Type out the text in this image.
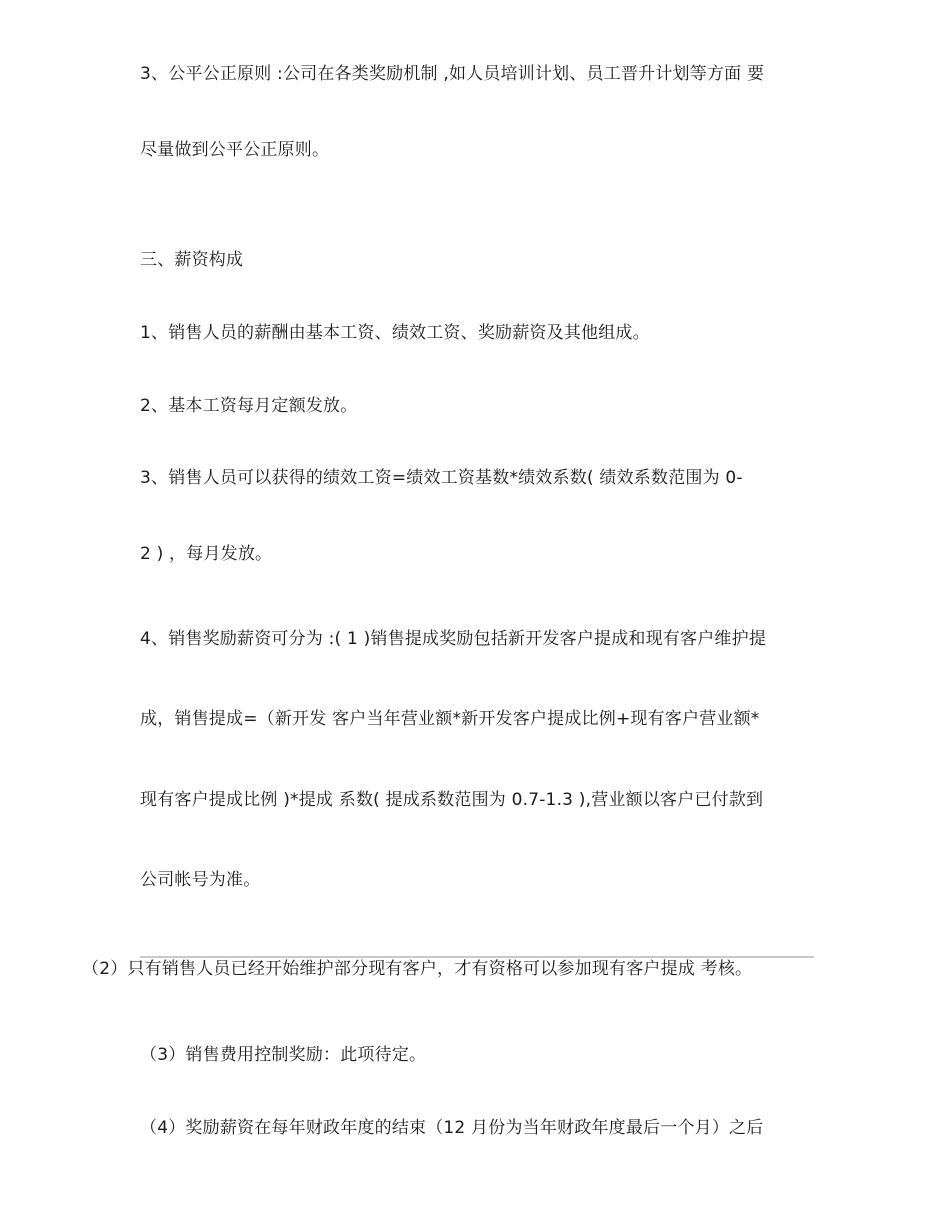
3、公平公正原则 :公司在各类奖励机制 ,如人员培训计划、员工晋升计划等方面 要
尽量做到公平公正原则。
三、薪资构成
1、销售人员的薪酬由基本工资、绩效工资、奖励薪资及其他组成。
2、基本工资每月定额发放。
3、销售人员可以获得的绩效工资=绩效工资基数*绩效系数( 绩效系数范围为 0-
2 ) ，每月发放。
4、销售奖励薪资可分为 :( 1 )销售提成奖励包括新开发客户提成和现有客户维护提
成，销售提成=（新开发 客户当年营业额*新开发客户提成比例+现有客户营业额*
现有客户提成比例 )*提成 系数( 提成系数范围为 0.7-1.3 ),营业额以客户已付款到
公司帐号为准。
（2）只有销售人员已经开始维护部分现有客户，才有资格可以参加现有客户提成 考核。
（3）销售费用控制奖励：此项待定。
（4）奖励薪资在每年财政年度的结束（12 月份为当年财政年度最后一个月）之后
